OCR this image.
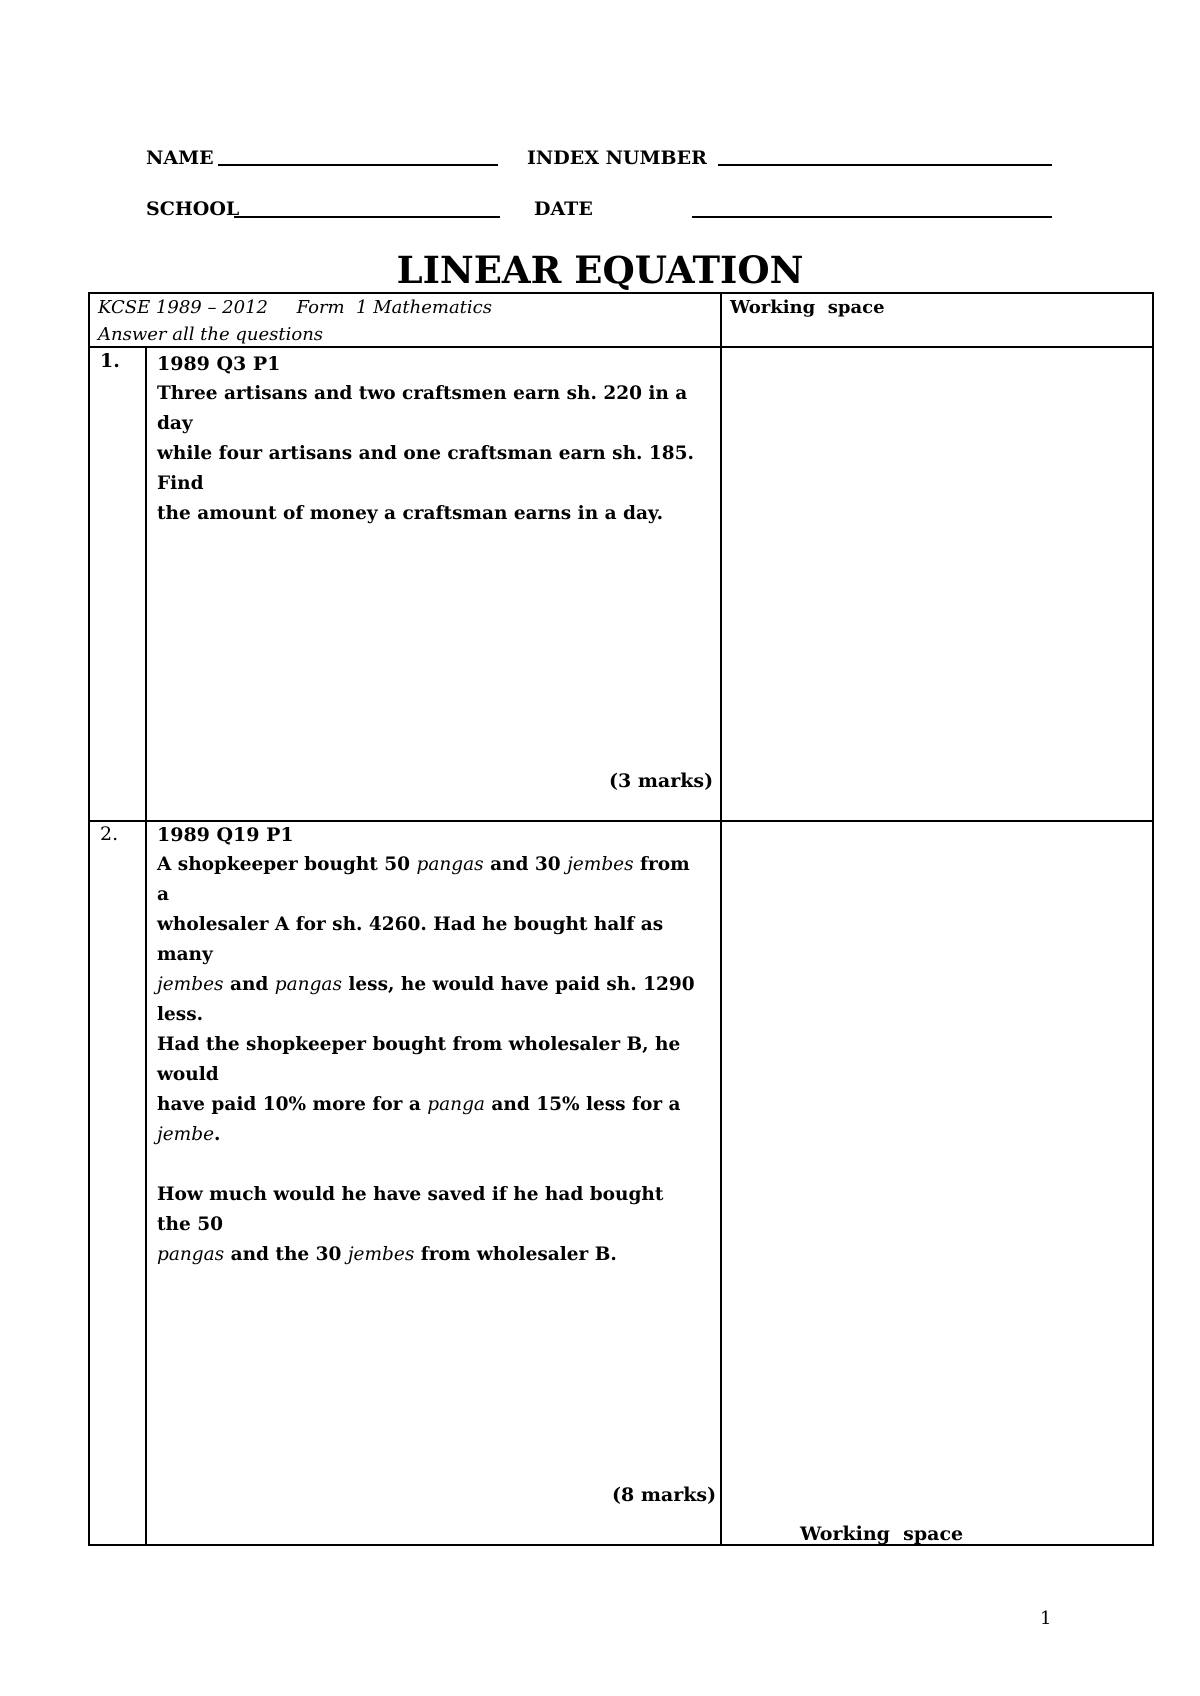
NAME	INDEX NUMBER
SCHOOL	DATE
LINEAR EQUATION
KCSE 1989 – 2012     Form  1 Mathematics
Answer all the questions
Working  space
1. 1989 Q3 P1

Three artisans and two craftsmen earn sh. 220 in a day

while four artisans and one craftsman earn sh. 185. Find

the amount of money a craftsman earns in a day.

(3 marks)
2. 1989 Q19 P1

A shopkeeper bought 50 pangas and 30 jembes from a

wholesaler A for sh. 4260. Had he bought half as many

jembes and pangas less, he would have paid sh. 1290 less.

Had the shopkeeper bought from wholesaler B, he would

have paid 10% more for a panga and 15% less for a

jembe.

How much would he have saved if he had bought the 50

pangas and the 30 jembes from wholesaler B.

(8 marks)
Working  space
1
